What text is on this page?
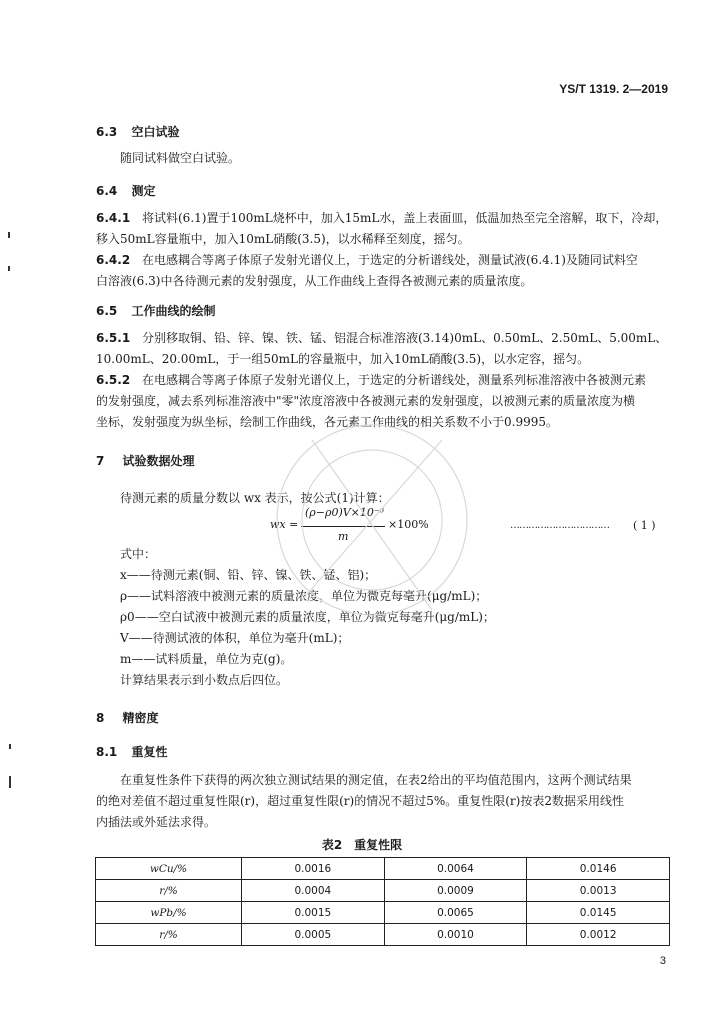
YS/T 1319. 2—2019
6.3 空白试验
随同试料做空白试验。
6.4 测定
6.4.1 将试料(6.1)置于100mL烧杯中，加入15mL水，盖上表面皿，低温加热至完全溶解，取下，冷却，
移入50mL容量瓶中，加入10mL硝酸(3.5)，以水稀释至刻度，摇匀。
6.4.2 在电感耦合等离子体原子发射光谱仪上，于选定的分析谱线处，测量试液(6.4.1)及随同试料空
白溶液(6.3)中各待测元素的发射强度，从工作曲线上查得各被测元素的质量浓度。
6.5 工作曲线的绘制
6.5.1 分别移取铜、铅、锌、镍、铁、锰、铝混合标准溶液(3.14)0mL、0.50mL、2.50mL、5.00mL、
10.00mL、20.00mL，于一组50mL的容量瓶中，加入10mL硝酸(3.5)，以水定容，摇匀。
6.5.2 在电感耦合等离子体原子发射光谱仪上，于选定的分析谱线处，测量系列标准溶液中各被测元素
的发射强度，减去系列标准溶液中"零"浓度溶液中各被测元素的发射强度，以被测元素的质量浓度为横
坐标，发射强度为纵坐标，绘制工作曲线，各元素工作曲线的相关系数不小于0.9995。
7 试验数据处理
待测元素的质量分数以 wx 表示，按公式(1)计算：
wx =
(ρ−ρ0)V×10⁻⁶
m
×100%	…………………………… ( 1 )
式中：
x——待测元素(铜、铅、锌、镍、铁、锰、铝)；
ρ——试料溶液中被测元素的质量浓度，单位为微克每毫升(μg/mL)；
ρ0——空白试液中被测元素的质量浓度，单位为微克每毫升(μg/mL)；
V——待测试液的体积，单位为毫升(mL)；
m——试料质量，单位为克(g)。
计算结果表示到小数点后四位。
8 精密度
8.1 重复性
在重复性条件下获得的两次独立测试结果的测定值，在表2给出的平均值范围内，这两个测试结果
的绝对差值不超过重复性限(r)，超过重复性限(r)的情况不超过5%。重复性限(r)按表2数据采用线性
内插法或外延法求得。
表2　重复性限
wCu/%	0.0016	0.0064	0.0146
r/%	0.0004	0.0009	0.0013
wPb/%	0.0015	0.0065	0.0145
r/%	0.0005	0.0010	0.0012
3
